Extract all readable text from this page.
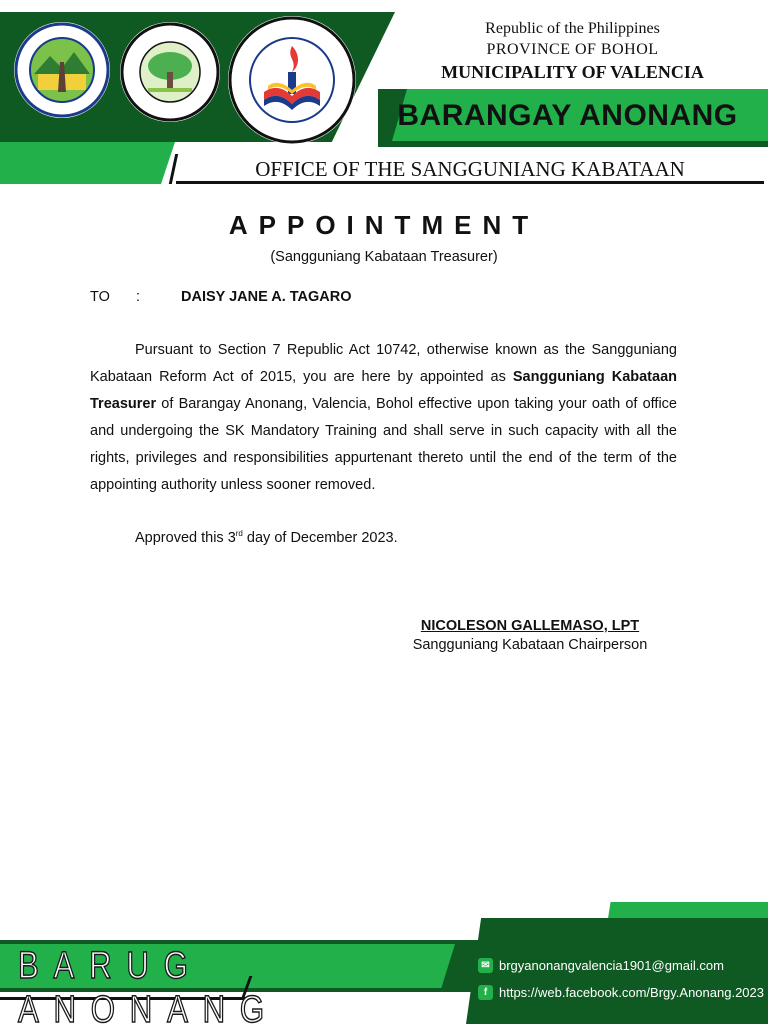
Republic of the Philippines
PROVINCE OF BOHOL
MUNICIPALITY OF VALENCIA
BARANGAY ANONANG
OFFICE OF THE SANGGUNIANG KABATAAN
APPOINTMENT
(Sangguniang Kabataan Treasurer)
TO :	DAISY JANE A. TAGARO
Pursuant to Section 7 Republic Act 10742, otherwise known as the Sangguniang Kabataan Reform Act of 2015, you are here by appointed as Sangguniang Kabataan Treasurer of Barangay Anonang, Valencia, Bohol effective upon taking your oath of office and undergoing the SK Mandatory Training and shall serve in such capacity with all the rights, privileges and responsibilities appurtenant thereto until the end of the term of the appointing authority unless sooner removed.
Approved this 3rd day of December 2023.
NICOLESON GALLEMASO, LPT
Sangguniang Kabataan Chairperson
BARUG ANONANG
✉ brgyanonangvalencia1901@gmail.com
f https://web.facebook.com/Brgy.Anonang.2023
